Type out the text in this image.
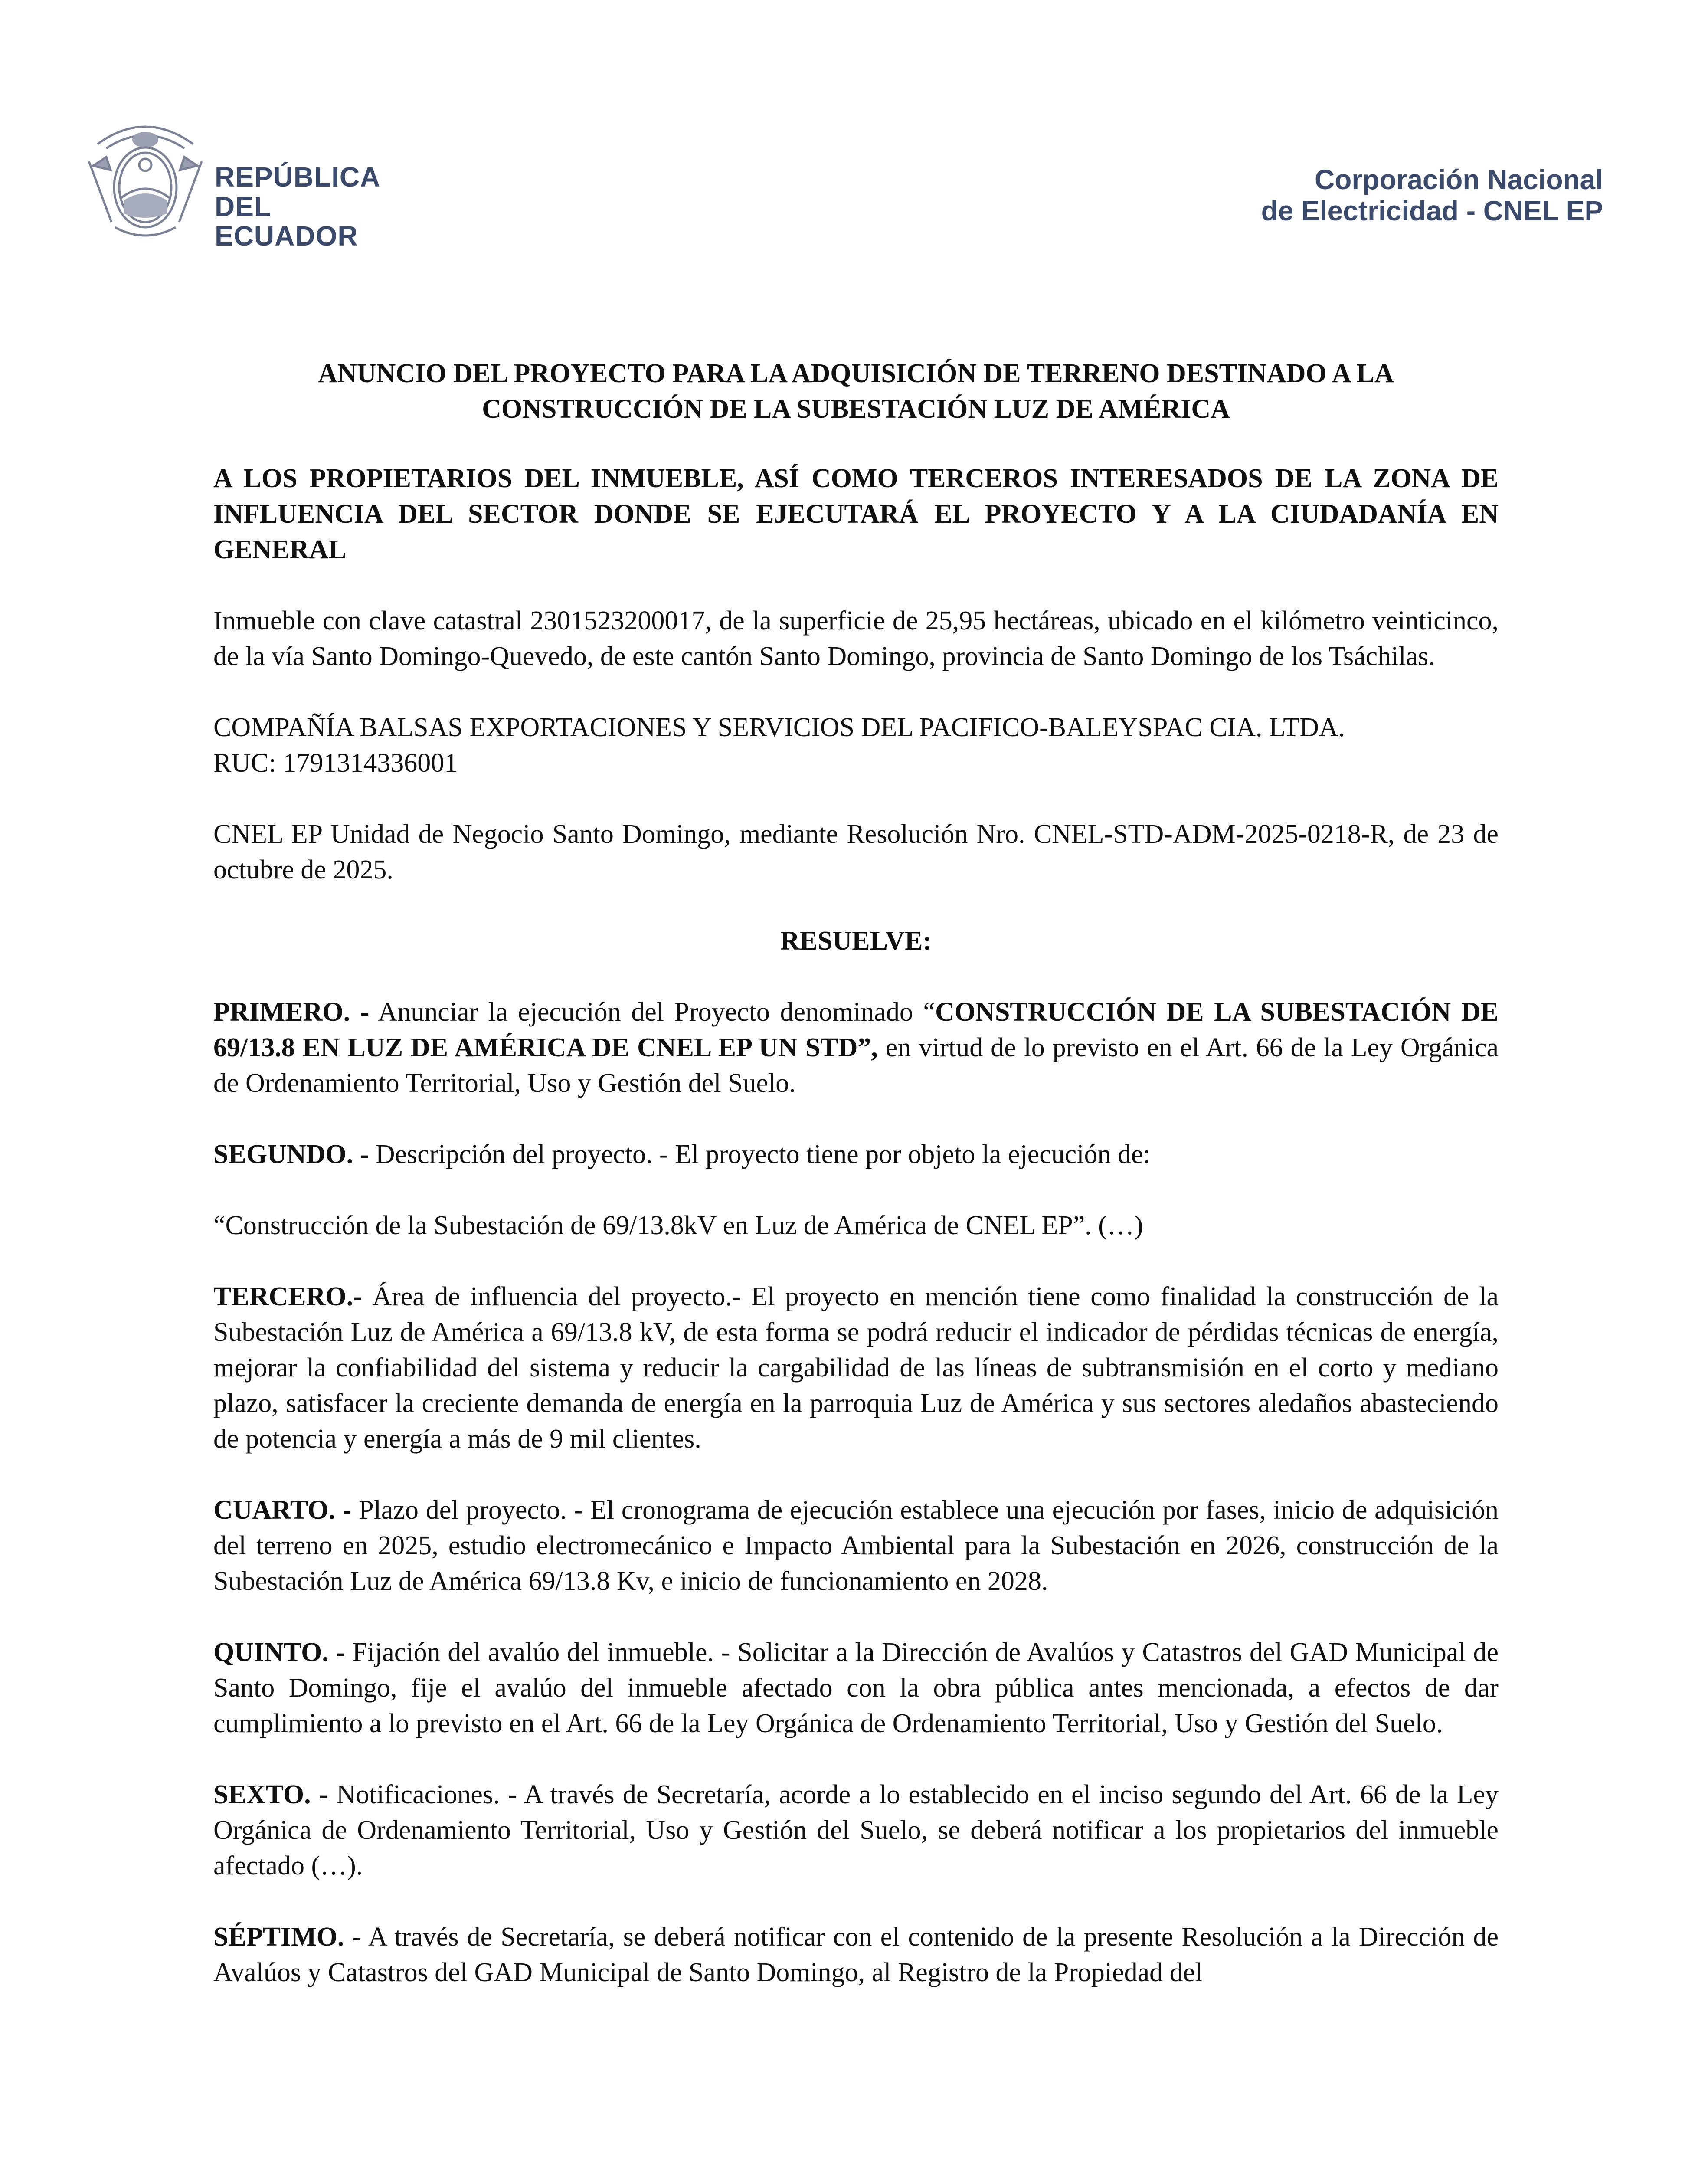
REPÚBLICA
DEL ECUADOR
Corporación Nacional
de Electricidad - CNEL EP
ANUNCIO DEL PROYECTO PARA LA ADQUISICIÓN DE TERRENO DESTINADO A LA
CONSTRUCCIÓN DE LA SUBESTACIÓN LUZ DE AMÉRICA
A LOS PROPIETARIOS DEL INMUEBLE, ASÍ COMO TERCEROS INTERESADOS DE LA ZONA DE INFLUENCIA DEL SECTOR DONDE SE EJECUTARÁ EL PROYECTO Y A LA CIUDADANÍA EN GENERAL

Inmueble con clave catastral 2301523200017, de la superficie de 25,95 hectáreas, ubicado en el kilómetro veinticinco, de la vía Santo Domingo-Quevedo, de este cantón Santo Domingo, provincia de Santo Domingo de los Tsáchilas.

COMPAÑÍA BALSAS EXPORTACIONES Y SERVICIOS DEL PACIFICO-BALEYSPAC CIA. LTDA.
RUC: 1791314336001

CNEL EP Unidad de Negocio Santo Domingo, mediante Resolución Nro. CNEL-STD-ADM-2025-0218-R, de 23 de octubre de 2025.

RESUELVE:

PRIMERO. - Anunciar la ejecución del Proyecto denominado “CONSTRUCCIÓN DE LA SUBESTACIÓN DE 69/13.8 EN LUZ DE AMÉRICA DE CNEL EP UN STD”, en virtud de lo previsto en el Art. 66 de la Ley Orgánica de Ordenamiento Territorial, Uso y Gestión del Suelo.

SEGUNDO. - Descripción del proyecto. - El proyecto tiene por objeto la ejecución de:

“Construcción de la Subestación de 69/13.8kV en Luz de América de CNEL EP”. (…)

TERCERO.- Área de influencia del proyecto.- El proyecto en mención tiene como finalidad la construcción de la Subestación Luz de América a 69/13.8 kV, de esta forma se podrá reducir el indicador de pérdidas técnicas de energía, mejorar la confiabilidad del sistema y reducir la cargabilidad de las líneas de subtransmisión en el corto y mediano plazo, satisfacer la creciente demanda de energía en la parroquia Luz de América y sus sectores aledaños abasteciendo de potencia y energía a más de 9 mil clientes.

CUARTO. - Plazo del proyecto. - El cronograma de ejecución establece una ejecución por fases, inicio de adquisición del terreno en 2025, estudio electromecánico e Impacto Ambiental para la Subestación en 2026, construcción de la Subestación Luz de América 69/13.8 Kv, e inicio de funcionamiento en 2028.

QUINTO. - Fijación del avalúo del inmueble. - Solicitar a la Dirección de Avalúos y Catastros del GAD Municipal de Santo Domingo, fije el avalúo del inmueble afectado con la obra pública antes mencionada, a efectos de dar cumplimiento a lo previsto en el Art. 66 de la Ley Orgánica de Ordenamiento Territorial, Uso y Gestión del Suelo.

SEXTO. - Notificaciones. - A través de Secretaría, acorde a lo establecido en el inciso segundo del Art. 66 de la Ley Orgánica de Ordenamiento Territorial, Uso y Gestión del Suelo, se deberá notificar a los propietarios del inmueble afectado (…).

SÉPTIMO. - A través de Secretaría, se deberá notificar con el contenido de la presente Resolución a la Dirección de Avalúos y Catastros del GAD Municipal de Santo Domingo, al Registro de la Propiedad del
